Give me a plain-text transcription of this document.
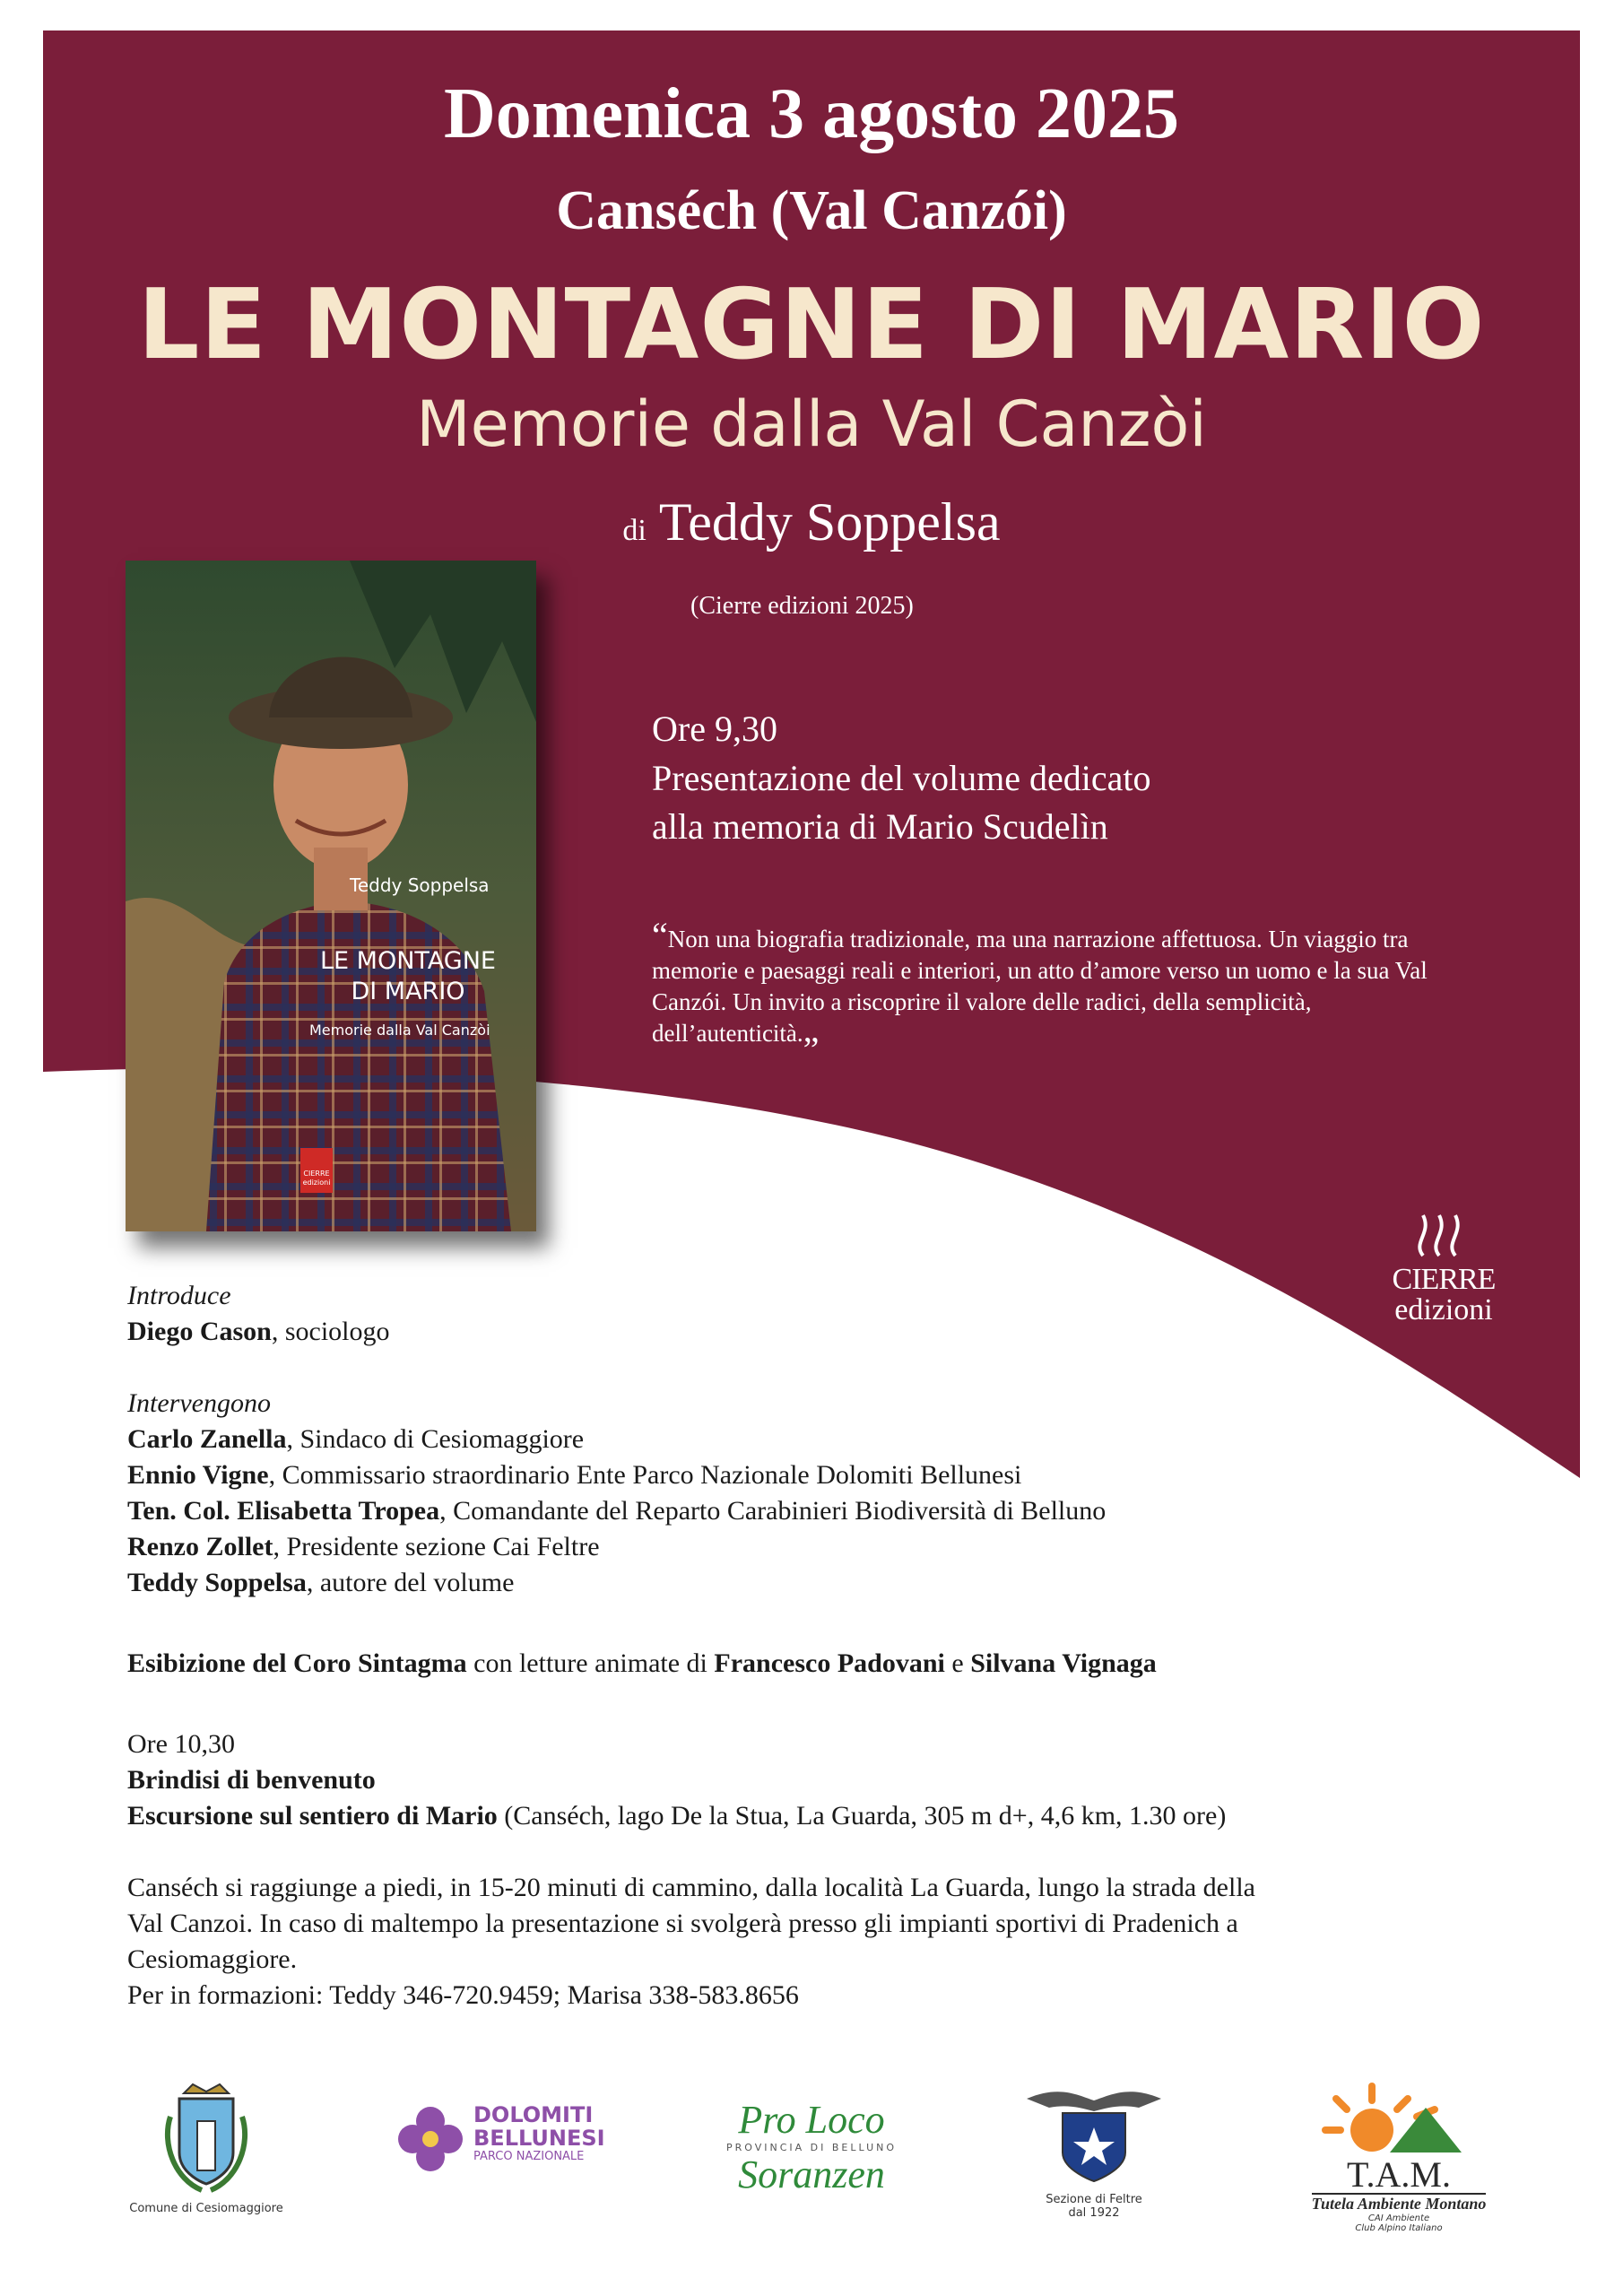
Domenica 3 agosto 2025
Canséch (Val Canzói)
LE MONTAGNE DI MARIO
Memorie dalla Val Canzòi
di Teddy Soppelsa
(Cierre edizioni 2025)
Teddy Soppelsa
LE MONTAGNE
DI MARIO
Memorie dalla Val Canzòi
CIERRE
edizioni
Ore 9,30
Presentazione del volume dedicato
alla memoria di Mario Scudelìn
“Non una biografia tradizionale, ma una narrazione affettuosa. Un viaggio tra memorie e paesaggi reali e interiori, un atto d’amore verso un uomo e la sua Val Canzói. Un invito a riscoprire il valore delle radici, della semplicità, dell’autenticità.„
CIERRE
edizioni
Introduce
Diego Cason, sociologo
Intervengono
Carlo Zanella, Sindaco di Cesiomaggiore
Ennio Vigne, Commissario straordinario Ente Parco Nazionale Dolomiti Bellunesi
Ten. Col. Elisabetta Tropea, Comandante del Reparto Carabinieri Biodiversità di Belluno
Renzo Zollet, Presidente sezione Cai Feltre
Teddy Soppelsa, autore del volume
Esibizione del Coro Sintagma con letture animate di Francesco Padovani e Silvana Vignaga
Ore 10,30
Brindisi di benvenuto
Escursione sul sentiero di Mario (Canséch, lago De la Stua, La Guarda, 305 m d+, 4,6 km, 1.30 ore)
Canséch si raggiunge a piedi, in 15-20 minuti di cammino, dalla località La Guarda, lungo la strada della
Val Canzoi. In caso di maltempo la presentazione si svolgerà presso gli impianti sportivi di Pradenich a
Cesiomaggiore.
Per in formazioni: Teddy 346-720.9459; Marisa 338-583.8656
Comune di Cesiomaggiore
DOLOMITI
BELLUNESI
PARCO NAZIONALE
Pro Loco
PROVINCIA DI BELLUNO
Soranzen
Sezione di Feltre
dal 1922
T.A.M.
Tutela Ambiente Montano
CAI Ambiente
Club Alpino Italiano
